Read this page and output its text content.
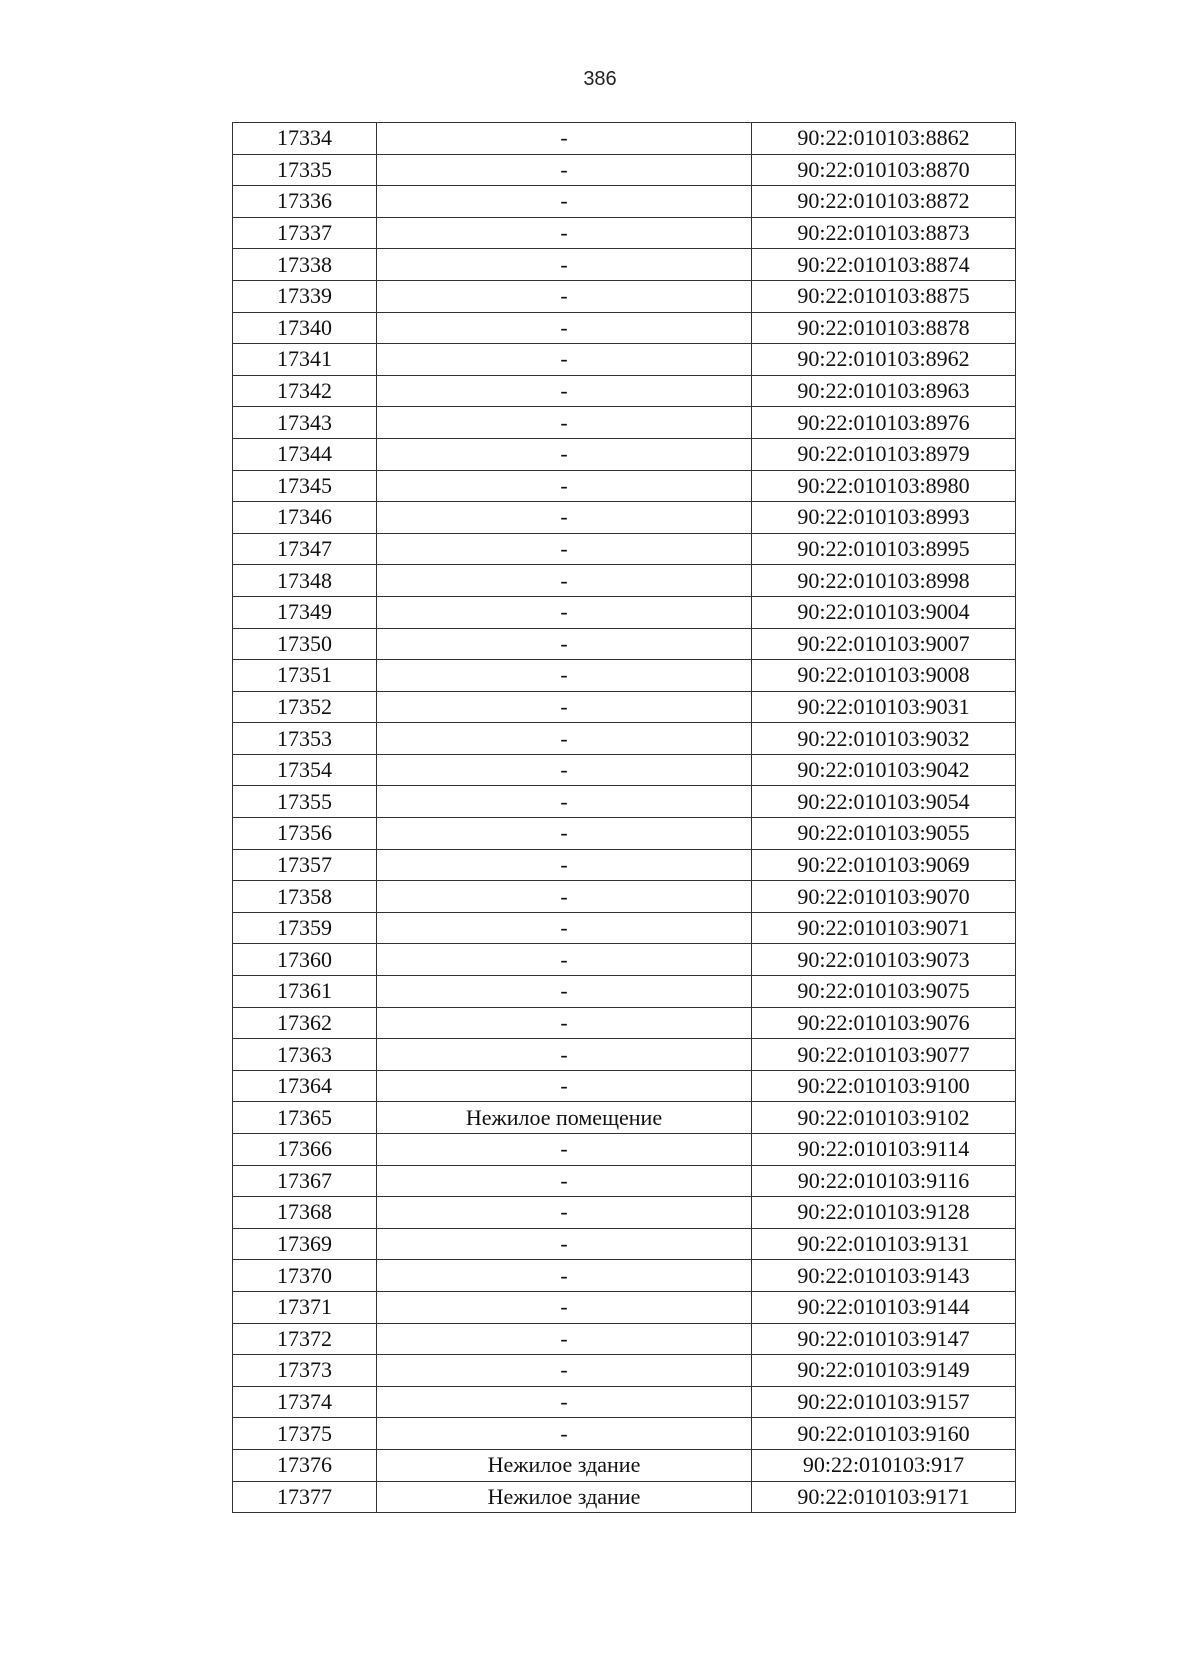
386
17334	-	90:22:010103:8862
17335	-	90:22:010103:8870
17336	-	90:22:010103:8872
17337	-	90:22:010103:8873
17338	-	90:22:010103:8874
17339	-	90:22:010103:8875
17340	-	90:22:010103:8878
17341	-	90:22:010103:8962
17342	-	90:22:010103:8963
17343	-	90:22:010103:8976
17344	-	90:22:010103:8979
17345	-	90:22:010103:8980
17346	-	90:22:010103:8993
17347	-	90:22:010103:8995
17348	-	90:22:010103:8998
17349	-	90:22:010103:9004
17350	-	90:22:010103:9007
17351	-	90:22:010103:9008
17352	-	90:22:010103:9031
17353	-	90:22:010103:9032
17354	-	90:22:010103:9042
17355	-	90:22:010103:9054
17356	-	90:22:010103:9055
17357	-	90:22:010103:9069
17358	-	90:22:010103:9070
17359	-	90:22:010103:9071
17360	-	90:22:010103:9073
17361	-	90:22:010103:9075
17362	-	90:22:010103:9076
17363	-	90:22:010103:9077
17364	-	90:22:010103:9100
17365	Нежилое помещение	90:22:010103:9102
17366	-	90:22:010103:9114
17367	-	90:22:010103:9116
17368	-	90:22:010103:9128
17369	-	90:22:010103:9131
17370	-	90:22:010103:9143
17371	-	90:22:010103:9144
17372	-	90:22:010103:9147
17373	-	90:22:010103:9149
17374	-	90:22:010103:9157
17375	-	90:22:010103:9160
17376	Нежилое здание	90:22:010103:917
17377	Нежилое здание	90:22:010103:9171
